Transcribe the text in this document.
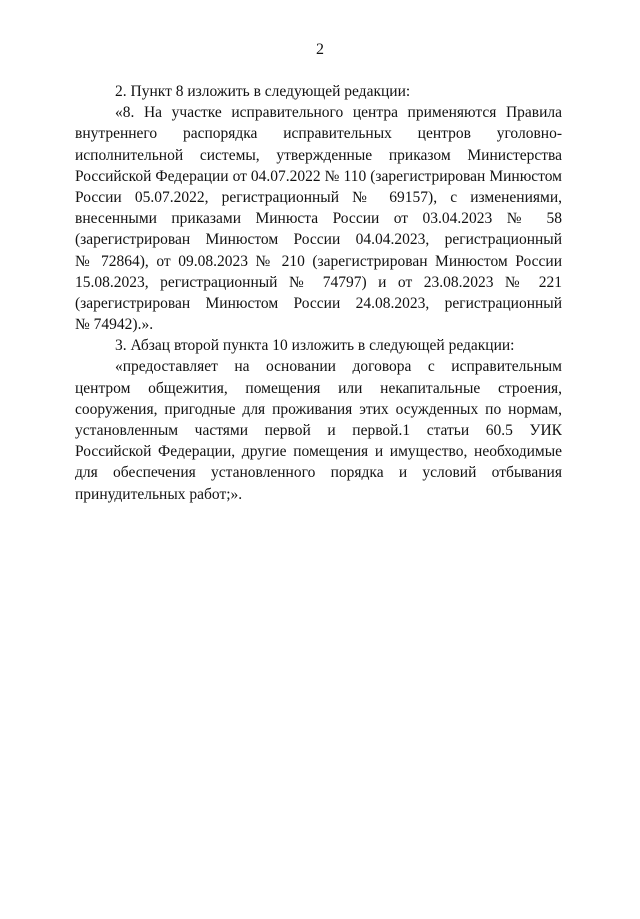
2
2. Пункт 8 изложить в следующей редакции:
«8. На участке исправительного центра применяются Правила
внутреннего распорядка исправительных центров уголовно-
исполнительной системы, утвержденные приказом Министерства
Российской Федерации от 04.07.2022 № 110 (зарегистрирован Минюстом
России 05.07.2022, регистрационный № 69157), с изменениями,
внесенными приказами Минюста России от 03.04.2023 № 58
(зарегистрирован Минюстом России 04.04.2023, регистрационный
№ 72864), от 09.08.2023 № 210 (зарегистрирован Минюстом России
15.08.2023, регистрационный № 74797) и от 23.08.2023 № 221
(зарегистрирован Минюстом России 24.08.2023, регистрационный
№ 74942).».
3. Абзац второй пункта 10 изложить в следующей редакции:
«предоставляет на основании договора с исправительным
центром общежития, помещения или некапитальные строения,
сооружения, пригодные для проживания этих осужденных по нормам,
установленным частями первой и первой.1 статьи 60.5 УИК
Российской Федерации, другие помещения и имущество, необходимые
для обеспечения установленного порядка и условий отбывания
принудительных работ;».
